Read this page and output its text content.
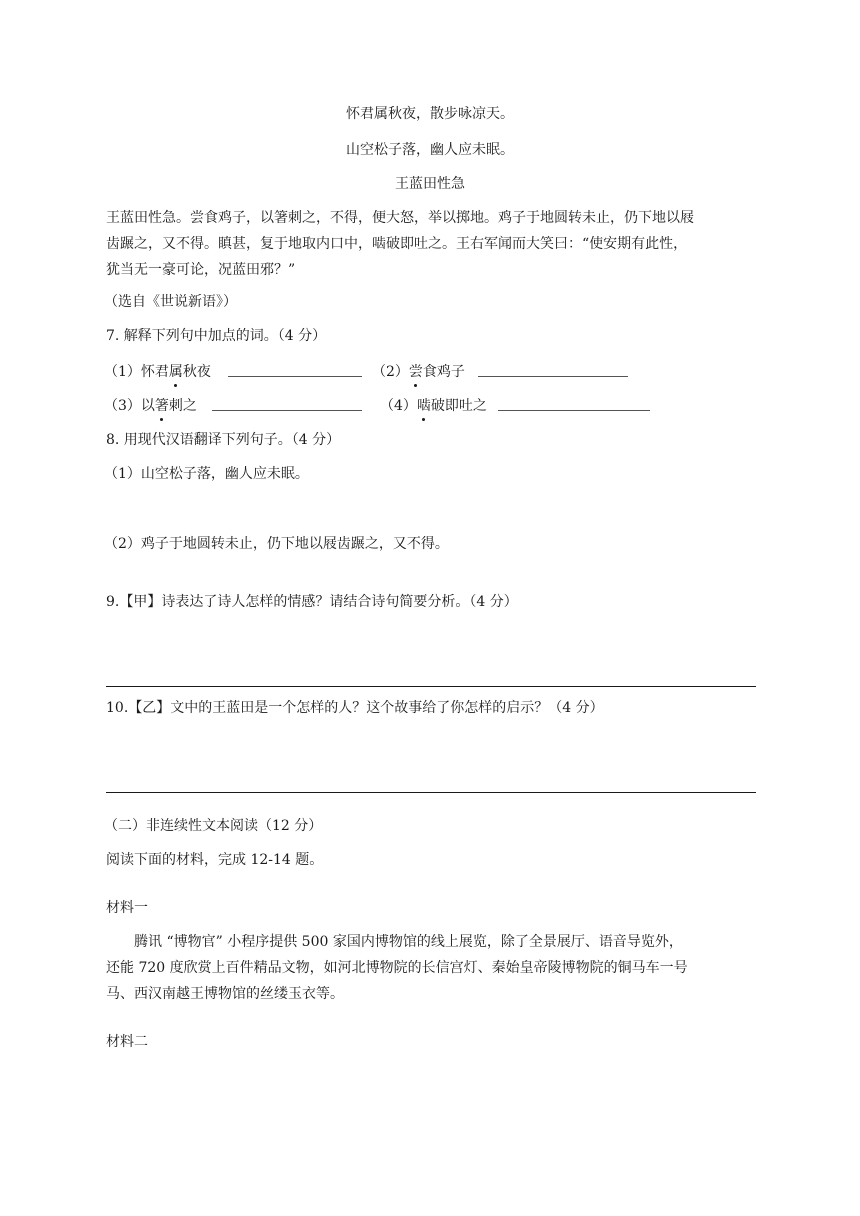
怀君属秋夜，散步咏凉天。

山空松子落，幽人应未眠。

王蓝田性急

王蓝田性急。尝食鸡子，以箸刺之，不得，便大怒，举以掷地。鸡子于地圆转未止，仍下地以屐

齿蹍之，又不得。瞋甚，复于地取内口中，啮破即吐之。王右军闻而大笑曰：“使安期有此性，

犹当无一豪可论，况蓝田邪？”

（选自《世说新语》）

7. 解释下列句中加点的词。（4 分）

（1）怀君属秋夜	（2）尝食鸡子

（3）以箸刺之	（4）啮破即吐之

8. 用现代汉语翻译下列句子。（4 分）

（1）山空松子落，幽人应未眠。

（2）鸡子于地圆转未止，仍下地以屐齿蹍之，又不得。

9.【甲】诗表达了诗人怎样的情感？请结合诗句简要分析。（4 分）

10.【乙】文中的王蓝田是一个怎样的人？这个故事给了你怎样的启示？（4 分）

（二）非连续性文本阅读（12 分）

阅读下面的材料，完成 12-14 题。

材料一

腾讯 “博物官” 小程序提供 500 家国内博物馆的线上展览，除了全景展厅、语音导览外，

还能 720 度欣赏上百件精品文物，如河北博物院的长信宫灯、秦始皇帝陵博物院的铜马车一号

马、西汉南越王博物馆的丝缕玉衣等。

材料二
